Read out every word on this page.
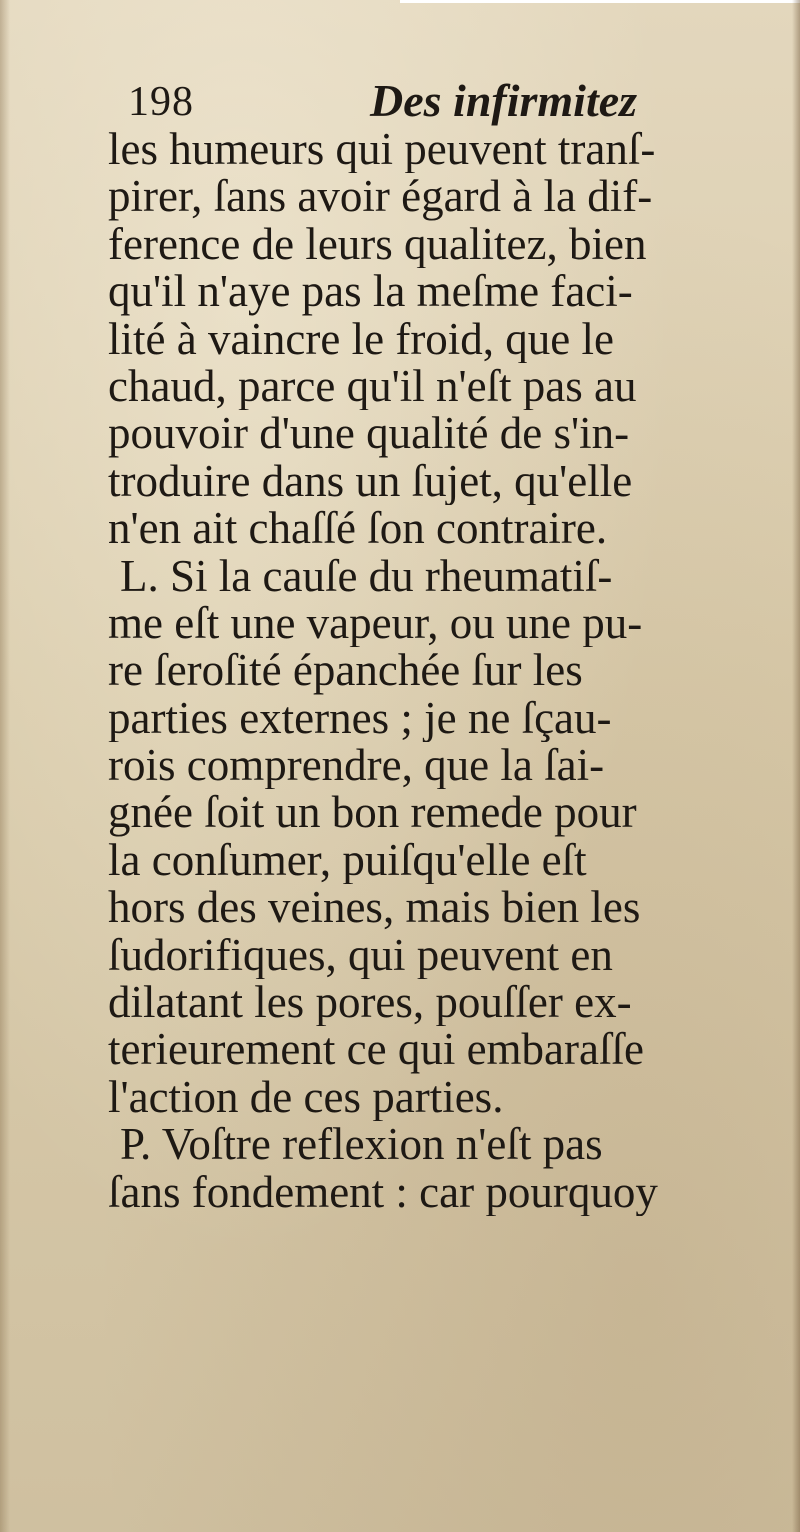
198	Des infirmitez
les humeurs qui peuvent tranſ-
pirer, ſans avoir égard à la dif-
ference de leurs qualitez, bien
qu'il n'aye pas la meſme faci-
lité à vaincre le froid, que le
chaud, parce qu'il n'eſt pas au
pouvoir d'une qualité de s'in-
troduire dans un ſujet, qu'elle
n'en ait chaſſé ſon contraire.
L. Si la cauſe du rheumatiſ-
me eſt une vapeur, ou une pu-
re ſeroſité épanchée ſur les
parties externes ; je ne ſçau-
rois comprendre, que la ſai-
gnée ſoit un bon remede pour
la conſumer, puiſqu'elle eſt
hors des veines, mais bien les
ſudorifiques, qui peuvent en
dilatant les pores, pouſſer ex-
terieurement ce qui embaraſſe
l'action de ces parties.
P. Voſtre reflexion n'eſt pas
ſans fondement : car pourquoy
